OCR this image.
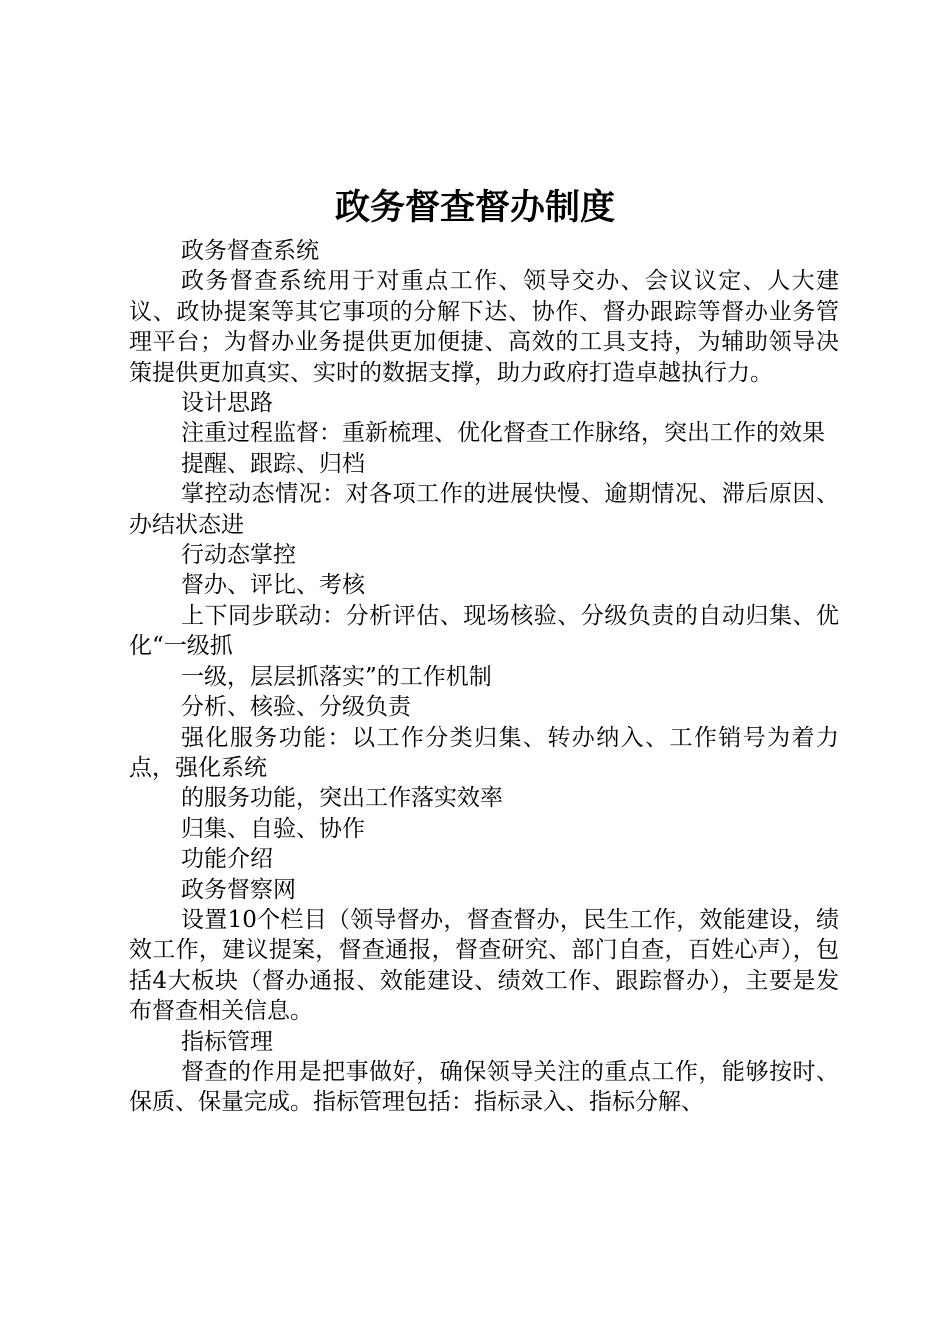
政务督查督办制度

政务督查系统

政务督查系统用于对重点工作、领导交办、会议议定、人大建议、政协提案等其它事项的分解下达、协作、督办跟踪等督办业务管理平台；为督办业务提供更加便捷、高效的工具支持，为辅助领导决策提供更加真实、实时的数据支撑，助力政府打造卓越执行力。

设计思路

注重过程监督：重新梳理、优化督查工作脉络，突出工作的效果

提醒、跟踪、归档

掌控动态情况：对各项工作的进展快慢、逾期情况、滞后原因、办结状态进

行动态掌控

督办、评比、考核

上下同步联动：分析评估、现场核验、分级负责的自动归集、优化“一级抓

一级，层层抓落实”的工作机制

分析、核验、分级负责

强化服务功能：以工作分类归集、转办纳入、工作销号为着力点，强化系统

的服务功能，突出工作落实效率

归集、自验、协作

功能介绍

政务督察网

设置10个栏目（领导督办，督查督办，民生工作，效能建设，绩效工作，建议提案，督查通报，督查研究、部门自查，百姓心声），包括4大板块（督办通报、效能建设、绩效工作、跟踪督办），主要是发布督查相关信息。

指标管理

督查的作用是把事做好，确保领导关注的重点工作，能够按时、保质、保量完成。指标管理包括：指标录入、指标分解、
